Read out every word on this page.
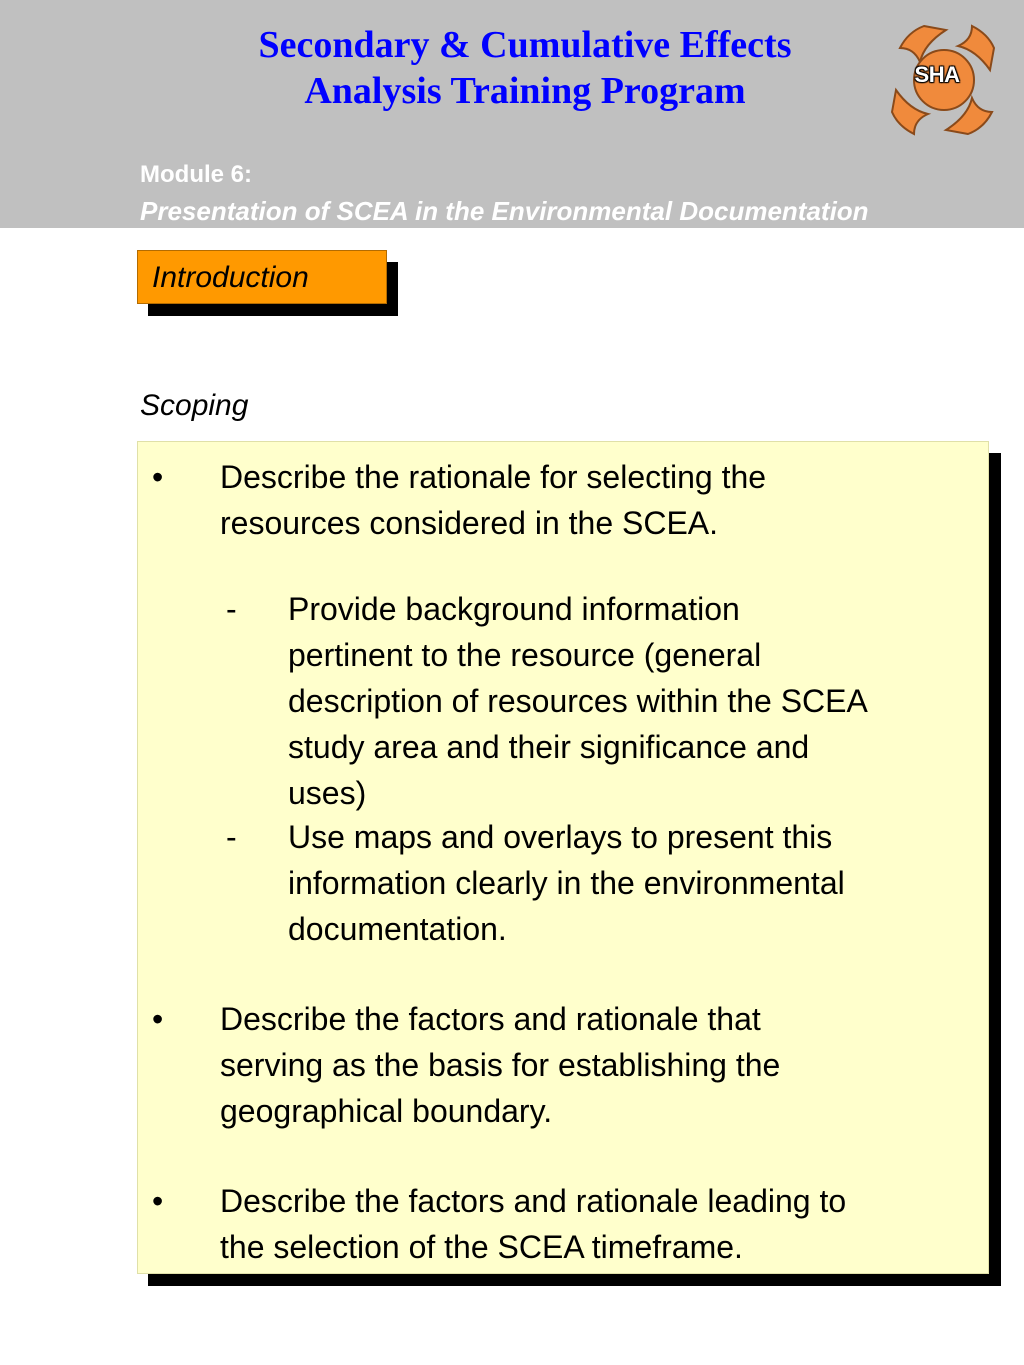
Secondary & Cumulative Effects
Analysis Training Program	SHA
Module 6:
Presentation of SCEA in the Environmental Documentation
Introduction
Scoping
• Describe the rationale for selecting the
resources considered in the SCEA.
- Provide background information
pertinent to the resource (general
description of resources within the SCEA
study area and their significance and
uses)
- Use maps and overlays to present this
information clearly in the environmental
documentation.
• Describe the factors and rationale that
serving as the basis for establishing the
geographical boundary.
• Describe the factors and rationale leading to
the selection of the SCEA timeframe.
